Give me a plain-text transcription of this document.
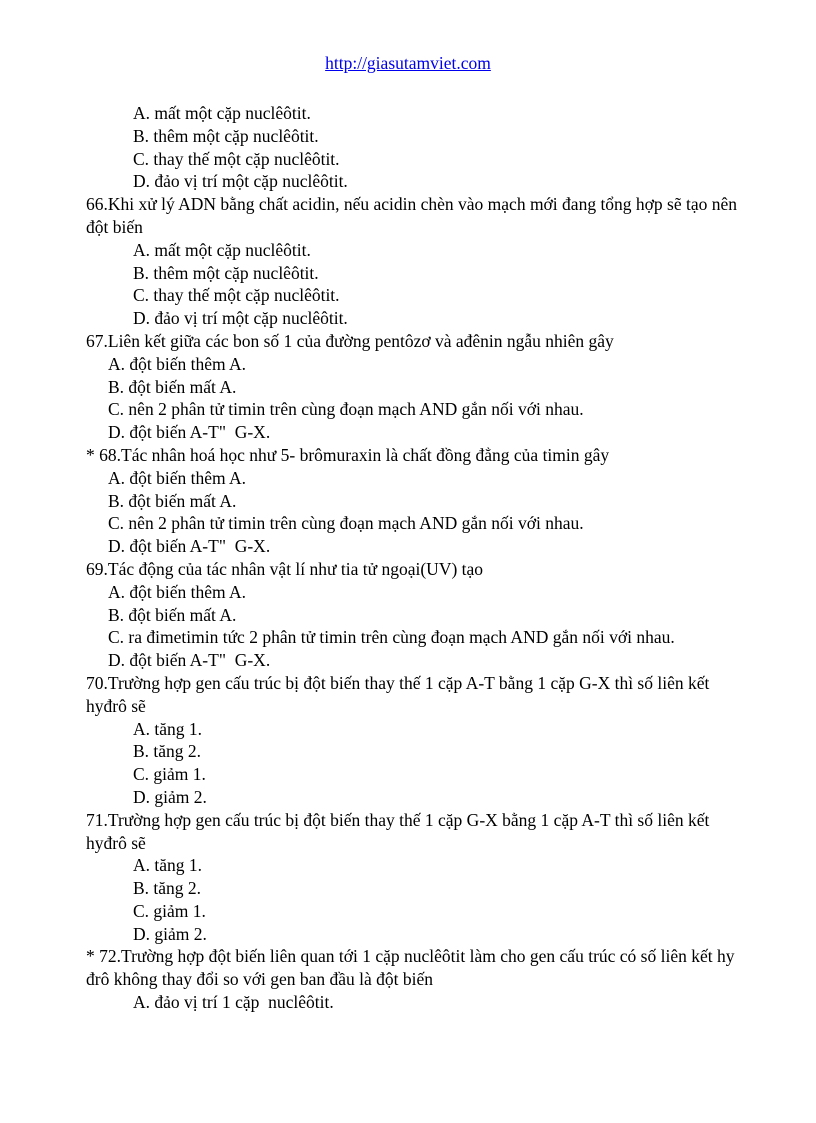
http://giasutamviet.com
A. mất một cặp nuclêôtit.
B. thêm một cặp nuclêôtit.
C. thay thế một cặp nuclêôtit.
D. đảo vị trí một cặp nuclêôtit.
66.Khi xử lý ADN bằng chất acidin, nếu acidin chèn vào mạch mới đang tổng hợp sẽ tạo nên
đột biến
A. mất một cặp nuclêôtit.
B. thêm một cặp nuclêôtit.
C. thay thế một cặp nuclêôtit.
D. đảo vị trí một cặp nuclêôtit.
67.Liên kết giữa các bon số 1 của đường pentôzơ và ađênin ngẫu nhiên gây
A. đột biến thêm A.
B. đột biến mất A.
C. nên 2 phân tử timin trên cùng đoạn mạch AND gắn nối với nhau.
D. đột biến A-T"  G-X.
* 68.Tác nhân hoá học như 5- brômuraxin là chất đồng đẳng của timin gây
A. đột biến thêm A.
B. đột biến mất A.
C. nên 2 phân tử timin trên cùng đoạn mạch AND gắn nối với nhau.
D. đột biến A-T"  G-X.
69.Tác động của tác nhân vật lí như tia tử ngoại(UV) tạo
A. đột biến thêm A.
B. đột biến mất A.
C. ra đimetimin tức 2 phân tử timin trên cùng đoạn mạch AND gắn nối với nhau.
D. đột biến A-T"  G-X.
70.Trường hợp gen cấu trúc bị đột biến thay thế 1 cặp A-T bằng 1 cặp G-X thì số liên kết
hyđrô sẽ
A. tăng 1.
B. tăng 2.
C. giảm 1.
D. giảm 2.
71.Trường hợp gen cấu trúc bị đột biến thay thế 1 cặp G-X bằng 1 cặp A-T thì số liên kết
hyđrô sẽ
A. tăng 1.
B. tăng 2.
C. giảm 1.
D. giảm 2.
* 72.Trường hợp đột biến liên quan tới 1 cặp nuclêôtit làm cho gen cấu trúc có số liên kết hy
đrô không thay đổi so với gen ban đầu là đột biến
A. đảo vị trí 1 cặp  nuclêôtit.
